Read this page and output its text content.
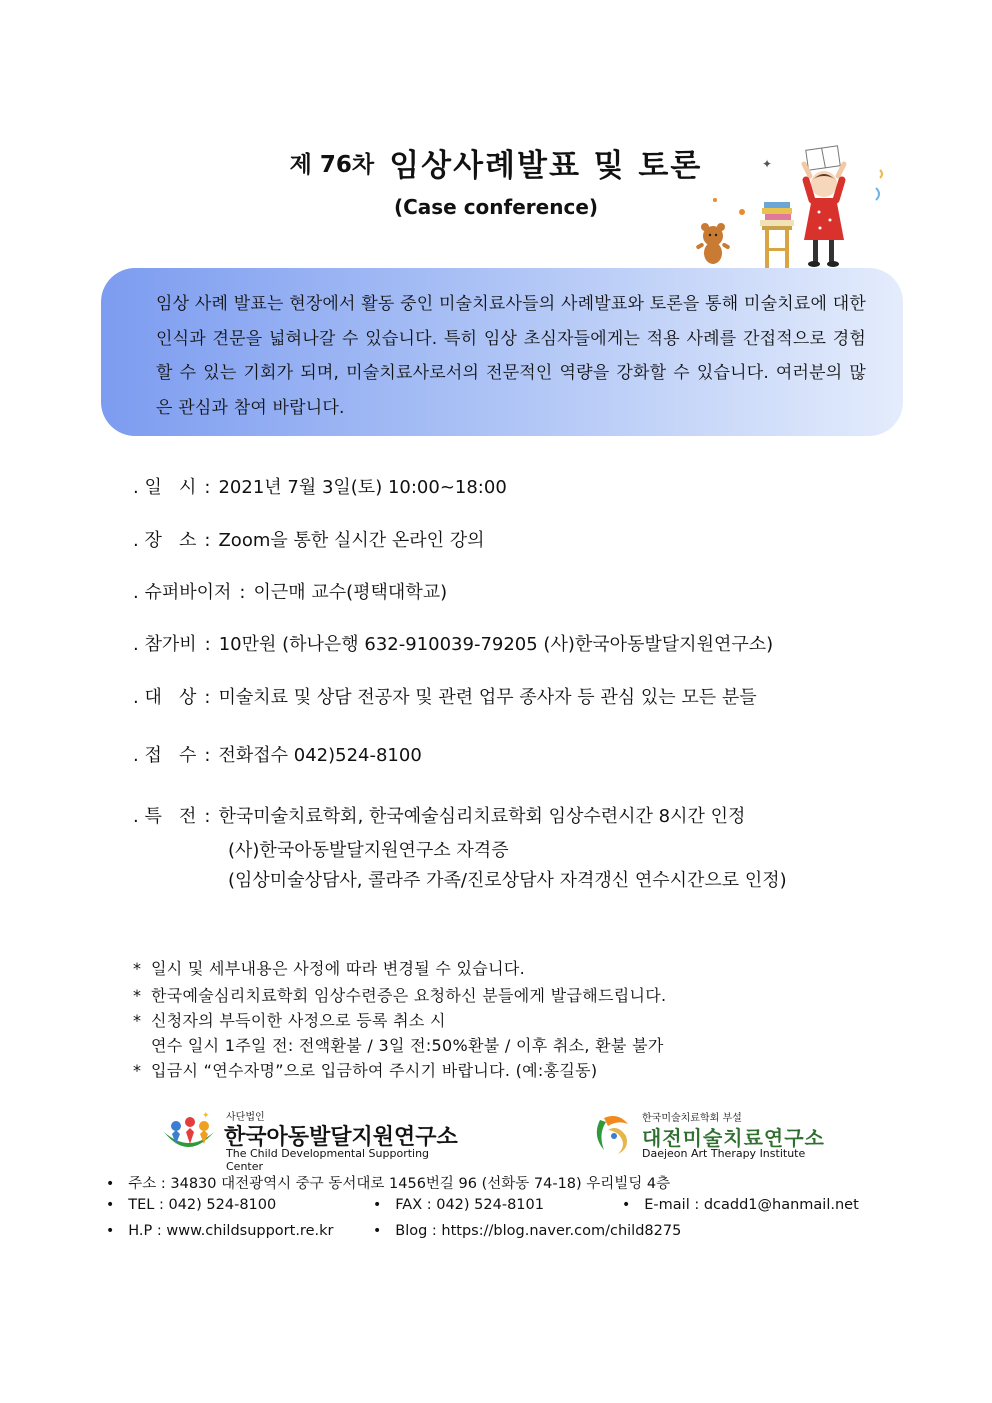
제 76차 임상사례발표 및 토론
(Case conference)
✦

임상 사례 발표는 현장에서 활동 중인 미술치료사들의 사례발표와 토론을 통해 미술치료에 대한 인식과 견문을 넓혀나갈 수 있습니다. 특히 임상 초심자들에게는 적용 사례를 간접적으로 경험할 수 있는 기회가 되며, 미술치료사로서의 전문적인 역량을 강화할 수 있습니다. 여러분의 많은 관심과 참여 바랍니다.

. 일   시 : 2021년 7월 3일(토) 10:00~18:00
. 장   소 : Zoom을 통한 실시간 온라인 강의
. 슈퍼바이저 : 이근매 교수(평택대학교)
. 참가비 : 10만원 (하나은행 632-910039-79205 (사)한국아동발달지원연구소)
. 대   상 : 미술치료 및 상담 전공자 및 관련 업무 종사자 등 관심 있는 모든 분들
. 접   수 : 전화접수 042)524-8100
. 특   전 : 한국미술치료학회, 한국예술심리치료학회 임상수련시간 8시간 인정
(사)한국아동발달지원연구소 자격증
(임상미술상담사, 콜라주 가족/진로상담사 자격갱신 연수시간으로 인정)
* 일시 및 세부내용은 사정에 따라 변경될 수 있습니다.
* 한국예술심리치료학회 임상수련증은 요청하신 분들에게 발급해드립니다.
* 신청자의 부득이한 사정으로 등록 취소 시
연수 일시 1주일 전: 전액환불 / 3일 전:50%환불 / 이후 취소, 환불 불가
* 입금시 “연수자명”으로 입금하여 주시기 바랍니다. (예:홍길동)
✦ 사단법인
한국아동발달지원연구소
The Child Developmental Supporting Center
한국미술치료학회 부설
대전미술치료연구소
Daejeon Art Therapy Institute
• 주소 : 34830 대전광역시 중구 동서대로 1456번길 96 (선화동 74-18) 우리빌딩 4층
• TEL : 042) 524-8100	• FAX : 042) 524-8101	• E-mail : dcadd1@hanmail.net
• H.P : www.childsupport.re.kr	• Blog : https://blog.naver.com/child8275
